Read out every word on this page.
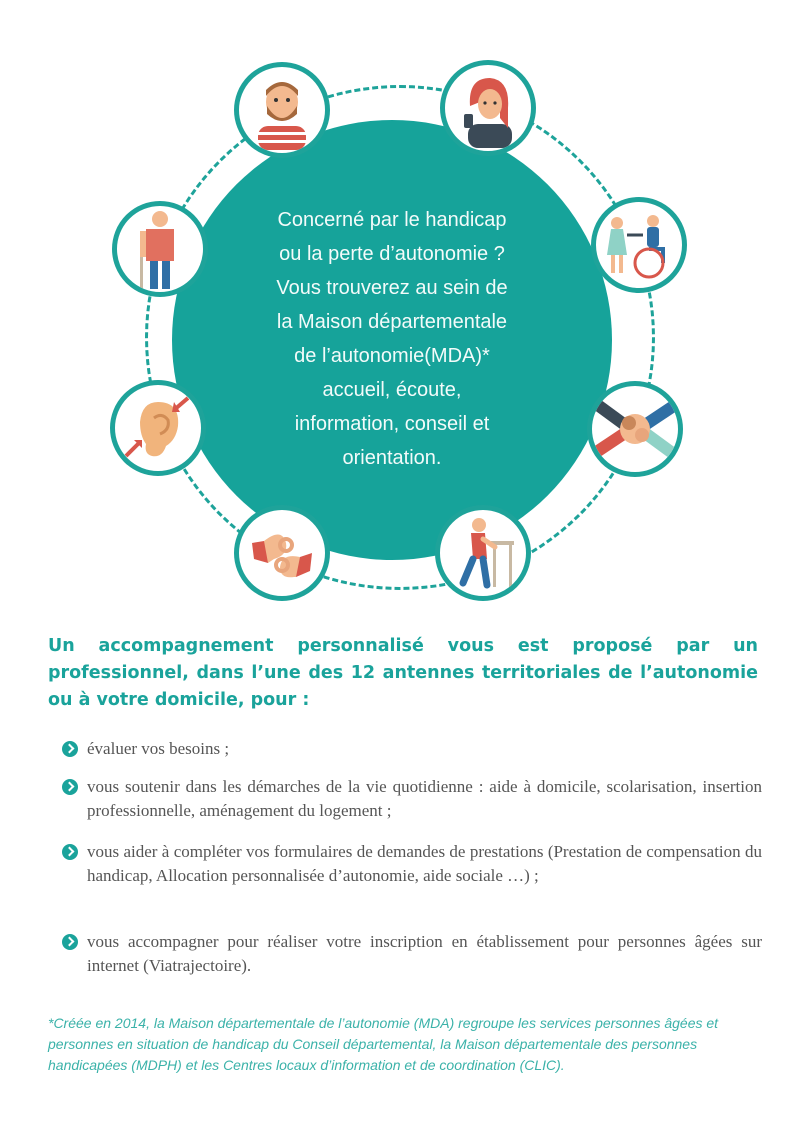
Concerné par le handicap
ou la perte d’autonomie ?
Vous trouverez au sein de
la Maison départementale
de l’autonomie(MDA)*
accueil, écoute,
information, conseil et
orientation.
Un accompagnement personnalisé vous est proposé par un professionnel, dans l’une des 12 antennes territoriales de l’autonomie ou à votre domicile, pour :
évaluer vos besoins ;
vous soutenir dans les démarches de la vie quotidienne : aide à domicile, scolarisation, insertion professionnelle, aménagement du logement ;
vous aider à compléter vos formulaires de demandes de prestations (Prestation de compensation du handicap, Allocation personnalisée d’autonomie, aide sociale …) ;
vous accompagner pour réaliser votre inscription en établissement pour personnes âgées sur internet (Viatrajectoire).
*Créée en 2014, la Maison départementale de l’autonomie (MDA) regroupe les services personnes âgées et personnes en situation de handicap du Conseil départemental, la Maison départementale des personnes handicapées (MDPH) et les Centres locaux d’information et de coordination (CLIC).
